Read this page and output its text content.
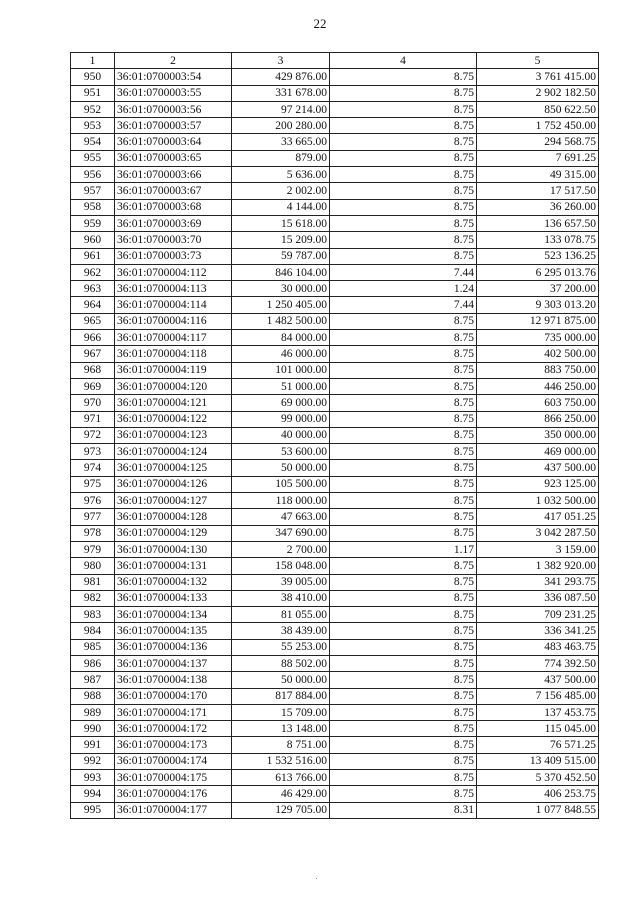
22
1	2	3	4	5
950	36:01:0700003:54	429 876.00	8.75	3 761 415.00
951	36:01:0700003:55	331 678.00	8.75	2 902 182.50
952	36:01:0700003:56	97 214.00	8.75	850 622.50
953	36:01:0700003:57	200 280.00	8.75	1 752 450.00
954	36:01:0700003:64	33 665.00	8.75	294 568.75
955	36:01:0700003:65	879.00	8.75	7 691.25
956	36:01:0700003:66	5 636.00	8.75	49 315.00
957	36:01:0700003:67	2 002.00	8.75	17 517.50
958	36:01:0700003:68	4 144.00	8.75	36 260.00
959	36:01:0700003:69	15 618.00	8.75	136 657.50
960	36:01:0700003:70	15 209.00	8.75	133 078.75
961	36:01:0700003:73	59 787.00	8.75	523 136.25
962	36:01:0700004:112	846 104.00	7.44	6 295 013.76
963	36:01:0700004:113	30 000.00	1.24	37 200.00
964	36:01:0700004:114	1 250 405.00	7.44	9 303 013.20
965	36:01:0700004:116	1 482 500.00	8.75	12 971 875.00
966	36:01:0700004:117	84 000.00	8.75	735 000.00
967	36:01:0700004:118	46 000.00	8.75	402 500.00
968	36:01:0700004:119	101 000.00	8.75	883 750.00
969	36:01:0700004:120	51 000.00	8.75	446 250.00
970	36:01:0700004:121	69 000.00	8.75	603 750.00
971	36:01:0700004:122	99 000.00	8.75	866 250.00
972	36:01:0700004:123	40 000.00	8.75	350 000.00
973	36:01:0700004:124	53 600.00	8.75	469 000.00
974	36:01:0700004:125	50 000.00	8.75	437 500.00
975	36:01:0700004:126	105 500.00	8.75	923 125.00
976	36:01:0700004:127	118 000.00	8.75	1 032 500.00
977	36:01:0700004:128	47 663.00	8.75	417 051.25
978	36:01:0700004:129	347 690.00	8.75	3 042 287.50
979	36:01:0700004:130	2 700.00	1.17	3 159.00
980	36:01:0700004:131	158 048.00	8.75	1 382 920.00
981	36:01:0700004:132	39 005.00	8.75	341 293.75
982	36:01:0700004:133	38 410.00	8.75	336 087.50
983	36:01:0700004:134	81 055.00	8.75	709 231.25
984	36:01:0700004:135	38 439.00	8.75	336 341.25
985	36:01:0700004:136	55 253.00	8.75	483 463.75
986	36:01:0700004:137	88 502.00	8.75	774 392.50
987	36:01:0700004:138	50 000.00	8.75	437 500.00
988	36:01:0700004:170	817 884.00	8.75	7 156 485.00
989	36:01:0700004:171	15 709.00	8.75	137 453.75
990	36:01:0700004:172	13 148.00	8.75	115 045.00
991	36:01:0700004:173	8 751.00	8.75	76 571.25
992	36:01:0700004:174	1 532 516.00	8.75	13 409 515.00
993	36:01:0700004:175	613 766.00	8.75	5 370 452.50
994	36:01:0700004:176	46 429.00	8.75	406 253.75
995	36:01:0700004:177	129 705.00	8.31	1 077 848.55
